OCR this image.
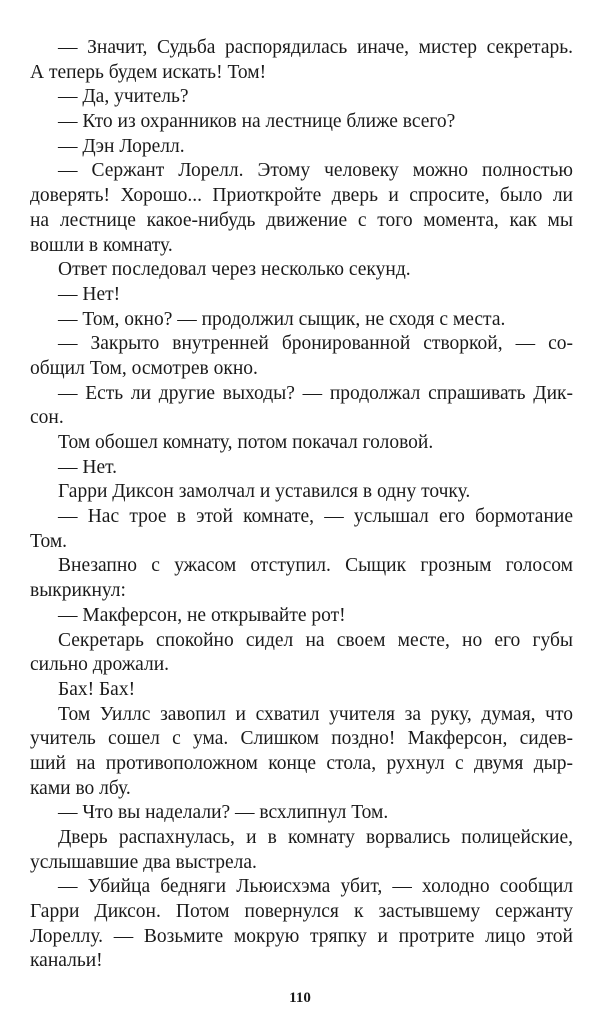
— Значит, Судьба распорядилась иначе, мистер секретарь.
А теперь будем искать! Том!
— Да, учитель?
— Кто из охранников на лестнице ближе всего?
— Дэн Лорелл.
— Сержант Лорелл. Этому человеку можно полностью
доверять! Хорошо... Приоткройте дверь и спросите, было ли
на лестнице какое-нибудь движение с того момента, как мы
вошли в комнату.
Ответ последовал через несколько секунд.
— Нет!
— Том, окно? — продолжил сыщик, не сходя с места.
— Закрыто внутренней бронированной створкой, — со-
общил Том, осмотрев окно.
— Есть ли другие выходы? — продолжал спрашивать Дик-
сон.
Том обошел комнату, потом покачал головой.
— Нет.
Гарри Диксон замолчал и уставился в одну точку.
— Нас трое в этой комнате, — услышал его бормотание
Том.
Внезапно с ужасом отступил. Сыщик грозным голосом
выкрикнул:
— Макферсон, не открывайте рот!
Секретарь спокойно сидел на своем месте, но его губы
сильно дрожали.
Бах! Бах!
Том Уиллс завопил и схватил учителя за руку, думая, что
учитель сошел с ума. Слишком поздно! Макферсон, сидев-
ший на противоположном конце стола, рухнул с двумя дыр-
ками во лбу.
— Что вы наделали? — всхлипнул Том.
Дверь распахнулась, и в комнату ворвались полицейские,
услышавшие два выстрела.
— Убийца бедняги Льюисхэма убит, — холодно сообщил
Гарри Диксон. Потом повернулся к застывшему сержанту
Лореллу. — Возьмите мокрую тряпку и протрите лицо этой
канальи!
110
